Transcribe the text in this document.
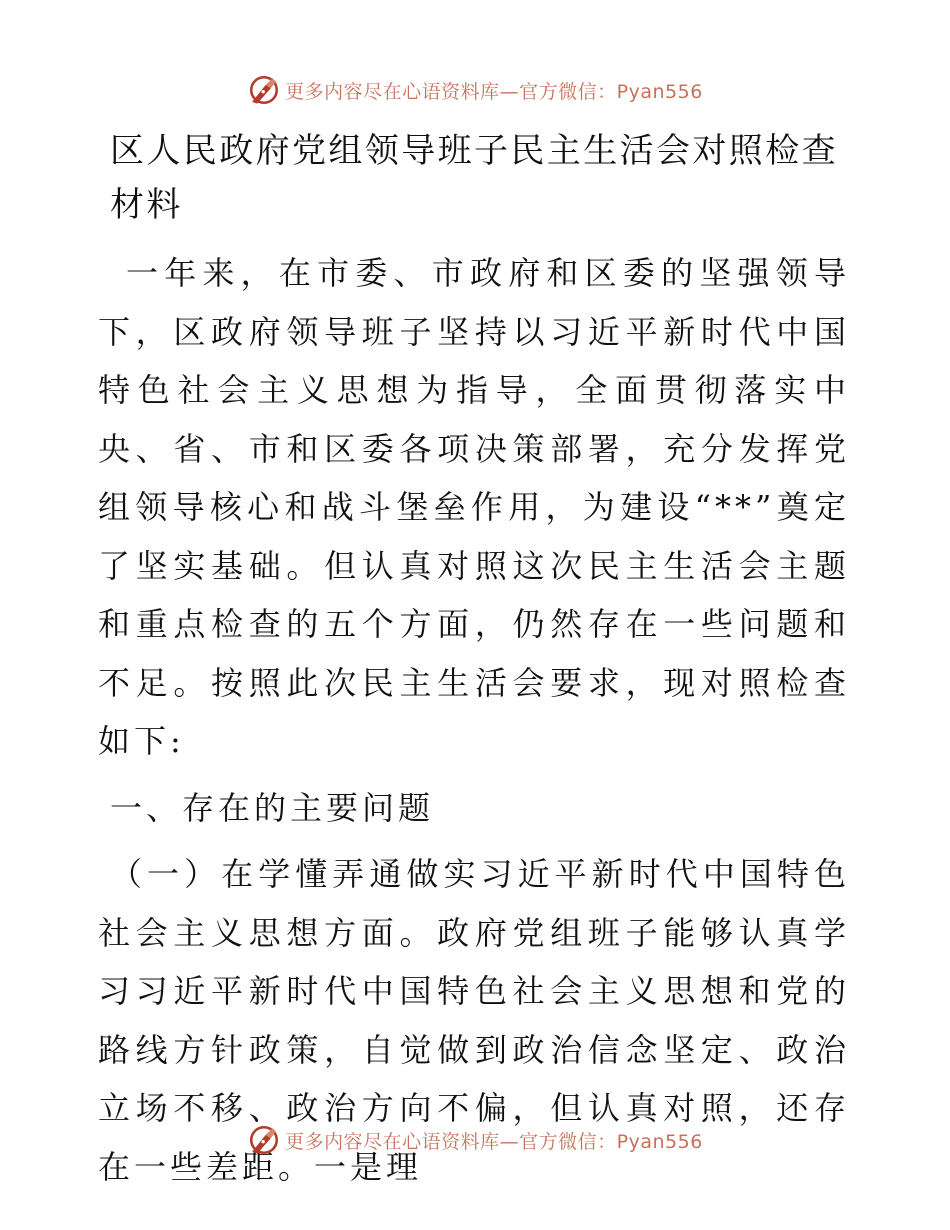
更多内容尽在心语资料库—官方微信：Pyan556
区人民政府党组领导班子民主生活会对照检查材料

一年来，在市委、市政府和区委的坚强领导下，区政府领导班子坚持以习近平新时代中国特色社会主义思想为指导，全面贯彻落实中央、省、市和区委各项决策部署，充分发挥党组领导核心和战斗堡垒作用，为建设“**”奠定了坚实基础。但认真对照这次民主生活会主题和重点检查的五个方面，仍然存在一些问题和不足。按照此次民主生活会要求，现对照检查如下:

一、存在的主要问题

（一）在学懂弄通做实习近平新时代中国特色社会主义思想方面。政府党组班子能够认真学习习近平新时代中国特色社会主义思想和党的路线方针政策，自觉做到政治信念坚定、政治立场不移、政治方向不偏，但认真对照，还存在一些差距。一是理

更多内容尽在心语资料库—官方微信：Pyan556
